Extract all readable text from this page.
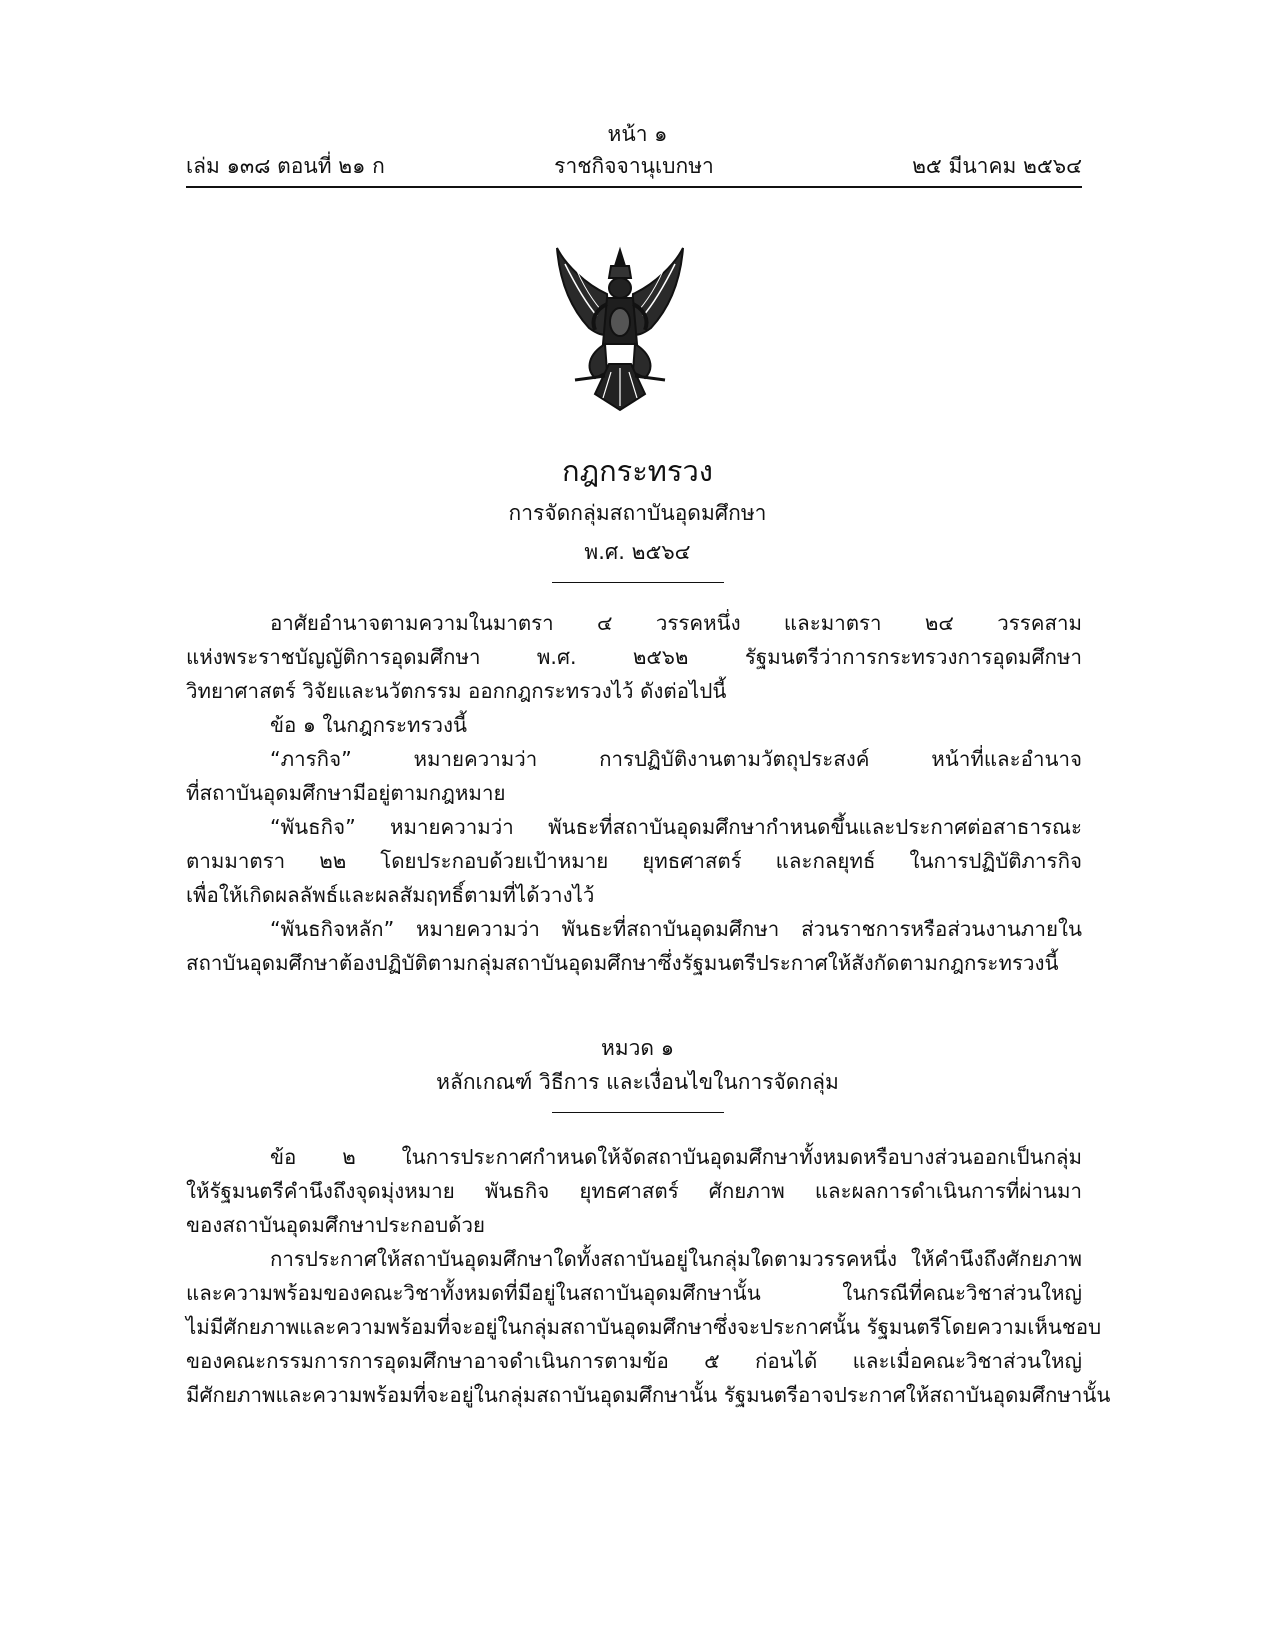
หน้า ๑
เล่ม ๑๓๘ ตอนที่ ๒๑ ก	ราชกิจจานุเบกษา	๒๕ มีนาคม ๒๕๖๔
กฎกระทรวง
การจัดกลุ่มสถาบันอุดมศึกษา
พ.ศ. ๒๕๖๔
อาศัยอำนาจตามความในมาตรา ๔ วรรคหนึ่ง และมาตรา ๒๔ วรรคสาม
แห่งพระราชบัญญัติการอุดมศึกษา พ.ศ. ๒๕๖๒ รัฐมนตรีว่าการกระทรวงการอุดมศึกษา
วิทยาศาสตร์ วิจัยและนวัตกรรม ออกกฎกระทรวงไว้ ดังต่อไปนี้
ข้อ ๑ ในกฎกระทรวงนี้
“ภารกิจ” หมายความว่า การปฏิบัติงานตามวัตถุประสงค์ หน้าที่และอำนาจ
ที่สถาบันอุดมศึกษามีอยู่ตามกฎหมาย
“พันธกิจ” หมายความว่า พันธะที่สถาบันอุดมศึกษากำหนดขึ้นและประกาศต่อสาธารณะ
ตามมาตรา ๒๒ โดยประกอบด้วยเป้าหมาย ยุทธศาสตร์ และกลยุทธ์ ในการปฏิบัติภารกิจ
เพื่อให้เกิดผลลัพธ์และผลสัมฤทธิ์ตามที่ได้วางไว้
“พันธกิจหลัก” หมายความว่า พันธะที่สถาบันอุดมศึกษา ส่วนราชการหรือส่วนงานภายใน
สถาบันอุดมศึกษาต้องปฏิบัติตามกลุ่มสถาบันอุดมศึกษาซึ่งรัฐมนตรีประกาศให้สังกัดตามกฎกระทรวงนี้
หมวด ๑
หลักเกณฑ์ วิธีการ และเงื่อนไขในการจัดกลุ่ม
ข้อ ๒ ในการประกาศกำหนดให้จัดสถาบันอุดมศึกษาทั้งหมดหรือบางส่วนออกเป็นกลุ่ม
ให้รัฐมนตรีคำนึงถึงจุดมุ่งหมาย พันธกิจ ยุทธศาสตร์ ศักยภาพ และผลการดำเนินการที่ผ่านมา
ของสถาบันอุดมศึกษาประกอบด้วย
การประกาศให้สถาบันอุดมศึกษาใดทั้งสถาบันอยู่ในกลุ่มใดตามวรรคหนึ่ง ให้คำนึงถึงศักยภาพ
และความพร้อมของคณะวิชาทั้งหมดที่มีอยู่ในสถาบันอุดมศึกษานั้น ในกรณีที่คณะวิชาส่วนใหญ่
ไม่มีศักยภาพและความพร้อมที่จะอยู่ในกลุ่มสถาบันอุดมศึกษาซึ่งจะประกาศนั้น รัฐมนตรีโดยความเห็นชอบ
ของคณะกรรมการการอุดมศึกษาอาจดำเนินการตามข้อ ๕ ก่อนได้ และเมื่อคณะวิชาส่วนใหญ่
มีศักยภาพและความพร้อมที่จะอยู่ในกลุ่มสถาบันอุดมศึกษานั้น รัฐมนตรีอาจประกาศให้สถาบันอุดมศึกษานั้น
